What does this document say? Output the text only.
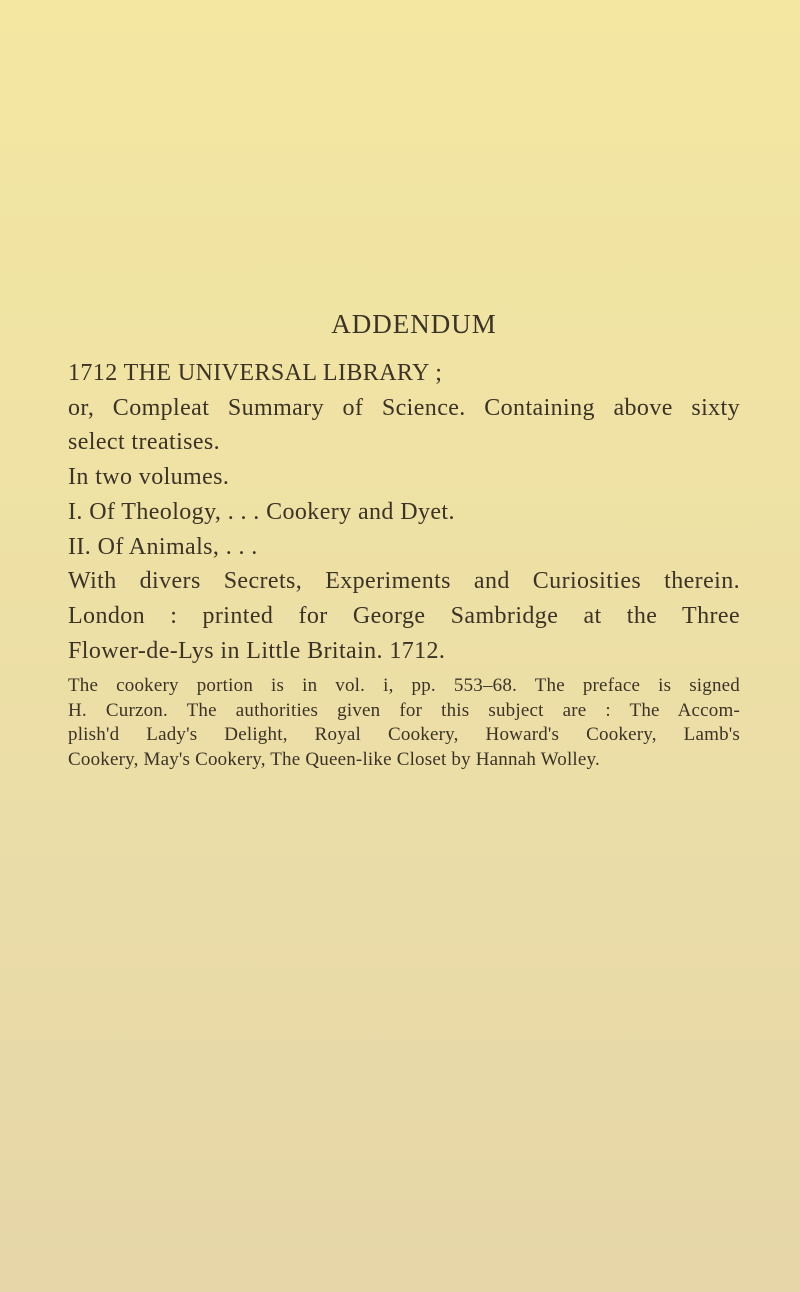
ADDENDUM
1712 THE UNIVERSAL LIBRARY ;
or, Compleat Summary of Science. Containing above sixty
select treatises.
In two volumes.
I. Of Theology, . . . Cookery and Dyet.
II. Of Animals, . . .
With divers Secrets, Experiments and Curiosities therein.
London : printed for George Sambridge at the Three
Flower-de-Lys in Little Britain. 1712.
The cookery portion is in vol. i, pp. 553–68. The preface is signed
H. Curzon. The authorities given for this subject are : The Accom-
plish'd Lady's Delight, Royal Cookery, Howard's Cookery, Lamb's
Cookery, May's Cookery, The Queen-like Closet by Hannah Wolley.
